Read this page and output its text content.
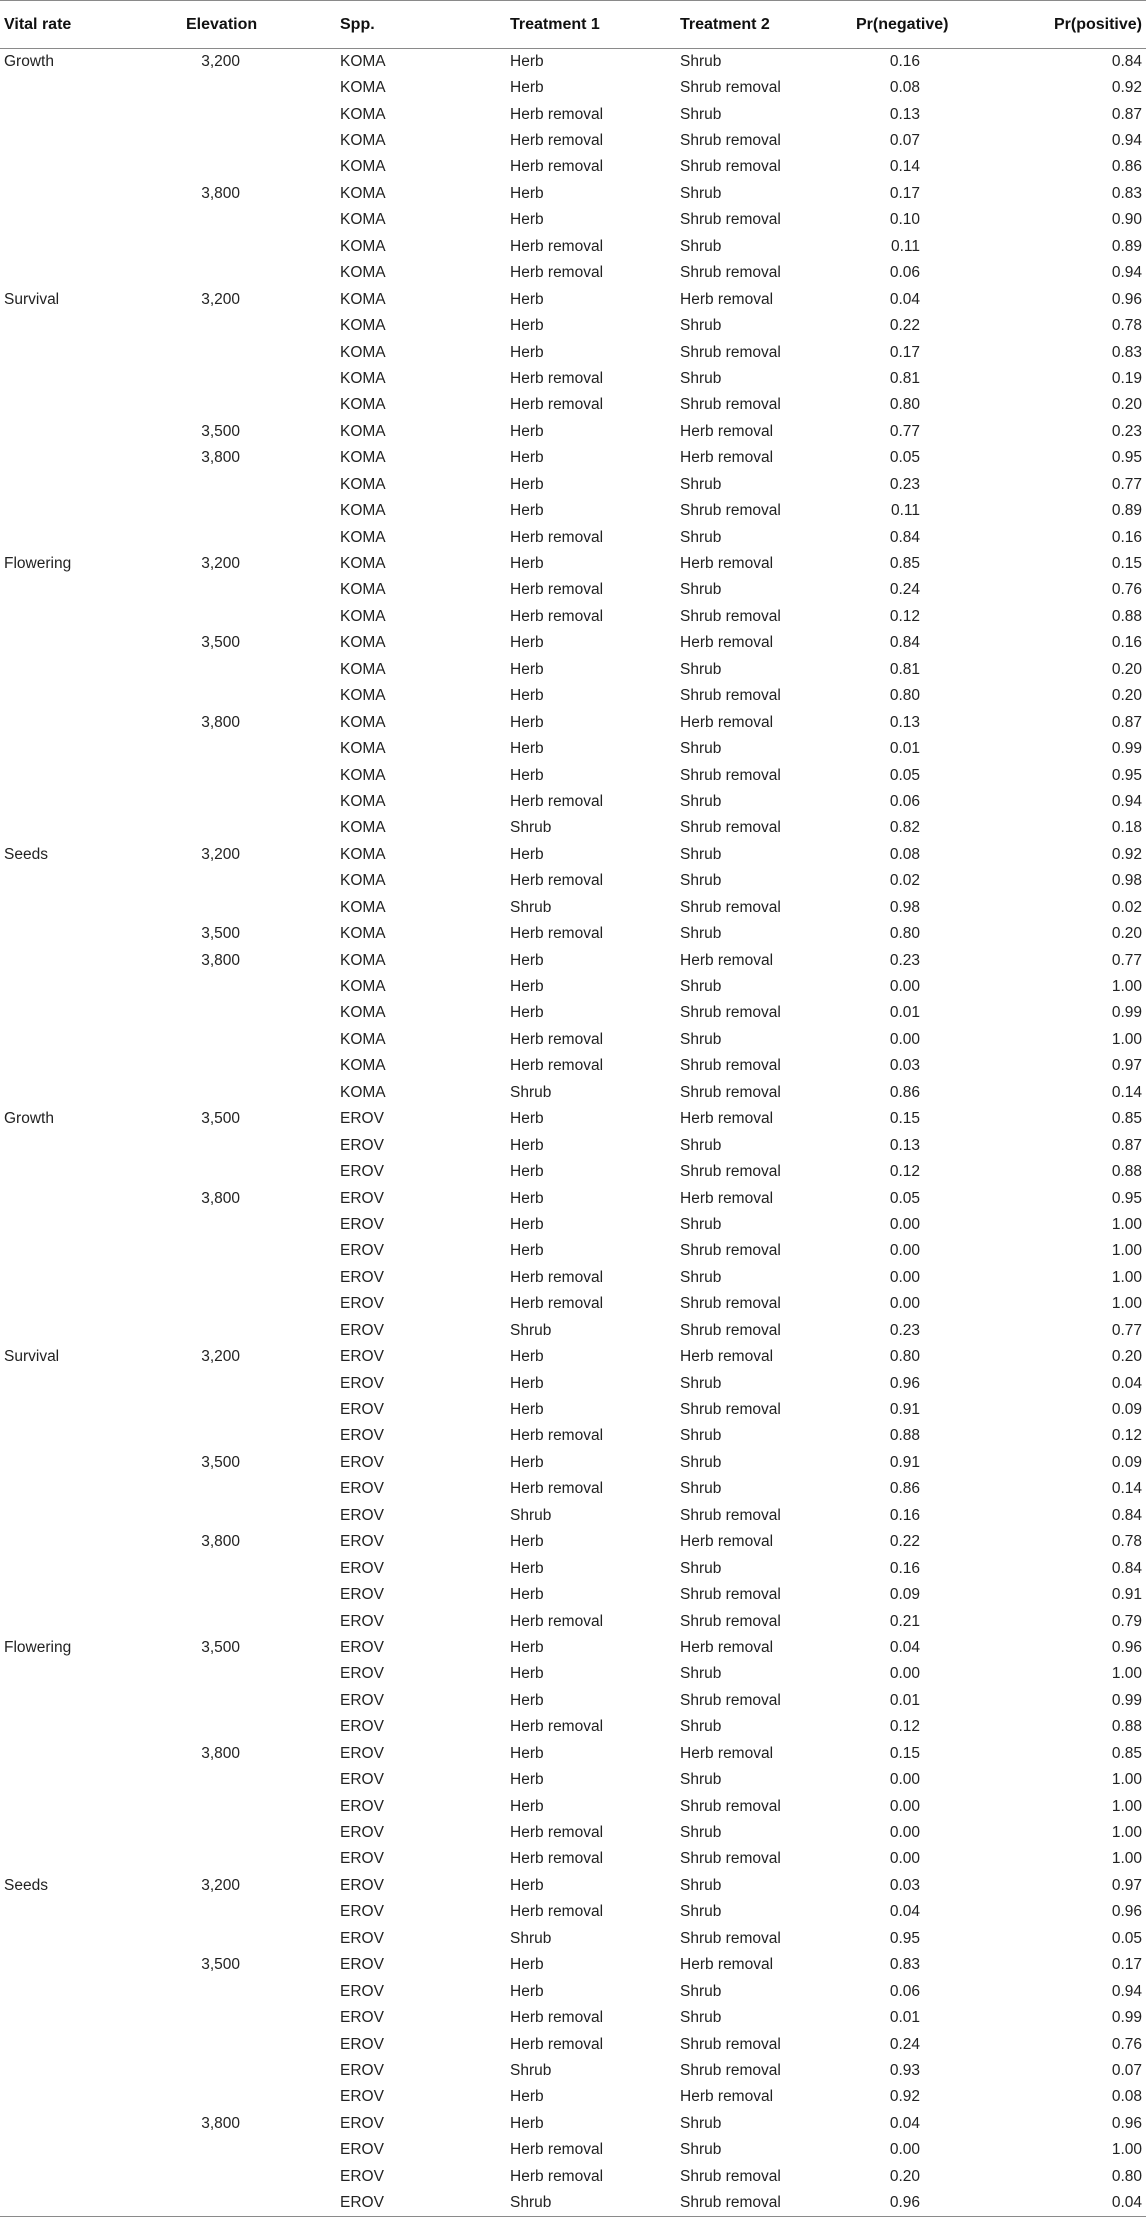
Vital rate	Elevation	Spp.	Treatment 1	Treatment 2	Pr(negative)	Pr(positive)
Growth	3,200	KOMA	Herb	Shrub	0.16	0.84
		KOMA	Herb	Shrub removal	0.08	0.92
		KOMA	Herb removal	Shrub	0.13	0.87
		KOMA	Herb removal	Shrub removal	0.07	0.94
		KOMA	Herb removal	Shrub removal	0.14	0.86
	3,800	KOMA	Herb	Shrub	0.17	0.83
		KOMA	Herb	Shrub removal	0.10	0.90
		KOMA	Herb removal	Shrub	0.11	0.89
		KOMA	Herb removal	Shrub removal	0.06	0.94
Survival	3,200	KOMA	Herb	Herb removal	0.04	0.96
		KOMA	Herb	Shrub	0.22	0.78
		KOMA	Herb	Shrub removal	0.17	0.83
		KOMA	Herb removal	Shrub	0.81	0.19
		KOMA	Herb removal	Shrub removal	0.80	0.20
	3,500	KOMA	Herb	Herb removal	0.77	0.23
	3,800	KOMA	Herb	Herb removal	0.05	0.95
		KOMA	Herb	Shrub	0.23	0.77
		KOMA	Herb	Shrub removal	0.11	0.89
		KOMA	Herb removal	Shrub	0.84	0.16
Flowering	3,200	KOMA	Herb	Herb removal	0.85	0.15
		KOMA	Herb removal	Shrub	0.24	0.76
		KOMA	Herb removal	Shrub removal	0.12	0.88
	3,500	KOMA	Herb	Herb removal	0.84	0.16
		KOMA	Herb	Shrub	0.81	0.20
		KOMA	Herb	Shrub removal	0.80	0.20
	3,800	KOMA	Herb	Herb removal	0.13	0.87
		KOMA	Herb	Shrub	0.01	0.99
		KOMA	Herb	Shrub removal	0.05	0.95
		KOMA	Herb removal	Shrub	0.06	0.94
		KOMA	Shrub	Shrub removal	0.82	0.18
Seeds	3,200	KOMA	Herb	Shrub	0.08	0.92
		KOMA	Herb removal	Shrub	0.02	0.98
		KOMA	Shrub	Shrub removal	0.98	0.02
	3,500	KOMA	Herb removal	Shrub	0.80	0.20
	3,800	KOMA	Herb	Herb removal	0.23	0.77
		KOMA	Herb	Shrub	0.00	1.00
		KOMA	Herb	Shrub removal	0.01	0.99
		KOMA	Herb removal	Shrub	0.00	1.00
		KOMA	Herb removal	Shrub removal	0.03	0.97
		KOMA	Shrub	Shrub removal	0.86	0.14
Growth	3,500	EROV	Herb	Herb removal	0.15	0.85
		EROV	Herb	Shrub	0.13	0.87
		EROV	Herb	Shrub removal	0.12	0.88
	3,800	EROV	Herb	Herb removal	0.05	0.95
		EROV	Herb	Shrub	0.00	1.00
		EROV	Herb	Shrub removal	0.00	1.00
		EROV	Herb removal	Shrub	0.00	1.00
		EROV	Herb removal	Shrub removal	0.00	1.00
		EROV	Shrub	Shrub removal	0.23	0.77
Survival	3,200	EROV	Herb	Herb removal	0.80	0.20
		EROV	Herb	Shrub	0.96	0.04
		EROV	Herb	Shrub removal	0.91	0.09
		EROV	Herb removal	Shrub	0.88	0.12
	3,500	EROV	Herb	Shrub	0.91	0.09
		EROV	Herb removal	Shrub	0.86	0.14
		EROV	Shrub	Shrub removal	0.16	0.84
	3,800	EROV	Herb	Herb removal	0.22	0.78
		EROV	Herb	Shrub	0.16	0.84
		EROV	Herb	Shrub removal	0.09	0.91
		EROV	Herb removal	Shrub removal	0.21	0.79
Flowering	3,500	EROV	Herb	Herb removal	0.04	0.96
		EROV	Herb	Shrub	0.00	1.00
		EROV	Herb	Shrub removal	0.01	0.99
		EROV	Herb removal	Shrub	0.12	0.88
	3,800	EROV	Herb	Herb removal	0.15	0.85
		EROV	Herb	Shrub	0.00	1.00
		EROV	Herb	Shrub removal	0.00	1.00
		EROV	Herb removal	Shrub	0.00	1.00
		EROV	Herb removal	Shrub removal	0.00	1.00
Seeds	3,200	EROV	Herb	Shrub	0.03	0.97
		EROV	Herb removal	Shrub	0.04	0.96
		EROV	Shrub	Shrub removal	0.95	0.05
	3,500	EROV	Herb	Herb removal	0.83	0.17
		EROV	Herb	Shrub	0.06	0.94
		EROV	Herb removal	Shrub	0.01	0.99
		EROV	Herb removal	Shrub removal	0.24	0.76
		EROV	Shrub	Shrub removal	0.93	0.07
		EROV	Herb	Herb removal	0.92	0.08
	3,800	EROV	Herb	Shrub	0.04	0.96
		EROV	Herb removal	Shrub	0.00	1.00
		EROV	Herb removal	Shrub removal	0.20	0.80
		EROV	Shrub	Shrub removal	0.96	0.04
